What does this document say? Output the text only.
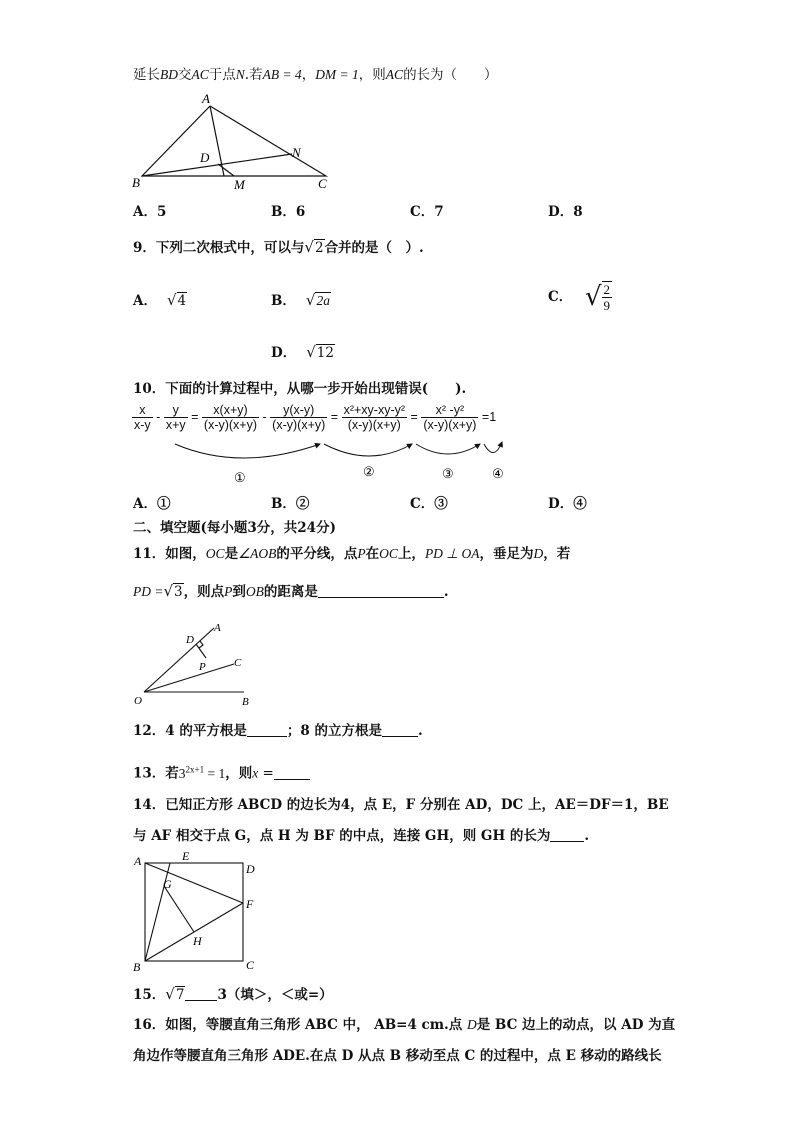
延长BD交AC于点N.若AB = 4，DM = 1，则AC的长为（　　）
A
B	C
D
M
N
A．5	B．6	C．7	D．8
9．下列二次根式中，可以与√2合并的是（　）.
A． √4	B． √2a	C． √ $\frac{2}{9}$
D． √12
10．下面的计算过程中，从哪一步开始出现错误(　　).
$\frac{x}{x-y} - \frac{y}{x+y} = \frac{x(x+y)}{(x-y)(x+y)} - \frac{y(x-y)}{(x-y)(x+y)} = \frac{\text{x²+xy-xy-y²}}{(x-y)(x+y)} = \frac{\text{x² -y²}}{(x-y)(x+y)} =1$
①	②	③	④
A．①	B．②	C．③	D．④
二、填空题(每小题3分，共24分)
11．如图，OC是∠AOB的平分线，点P在OC上，PD ⊥ OA，垂足为D，若
PD =√3，则点P到OB的距离是	.
A
C
B
O
D
P
12．4 的平方根是	；8 的立方根是	.
13．若$3^{2x+1} = 1$，则x =
14．已知正方形 ABCD 的边长为4，点 E，F 分别在 AD，DC 上，AE＝DF＝1，BE
与 AF 相交于点 G，点 H 为 BF 的中点，连接 GH，则 GH 的长为	.
A	E
D
F
G
H
B	C
15．√7 3（填＞，＜或=）
16．如图，等腰直角三角形 ABC 中， AB=4 cm.点 D是 BC 边上的动点，以 AD 为直
角边作等腰直角三角形 ADE.在点 D 从点 B 移动至点 C 的过程中，点 E 移动的路线长
